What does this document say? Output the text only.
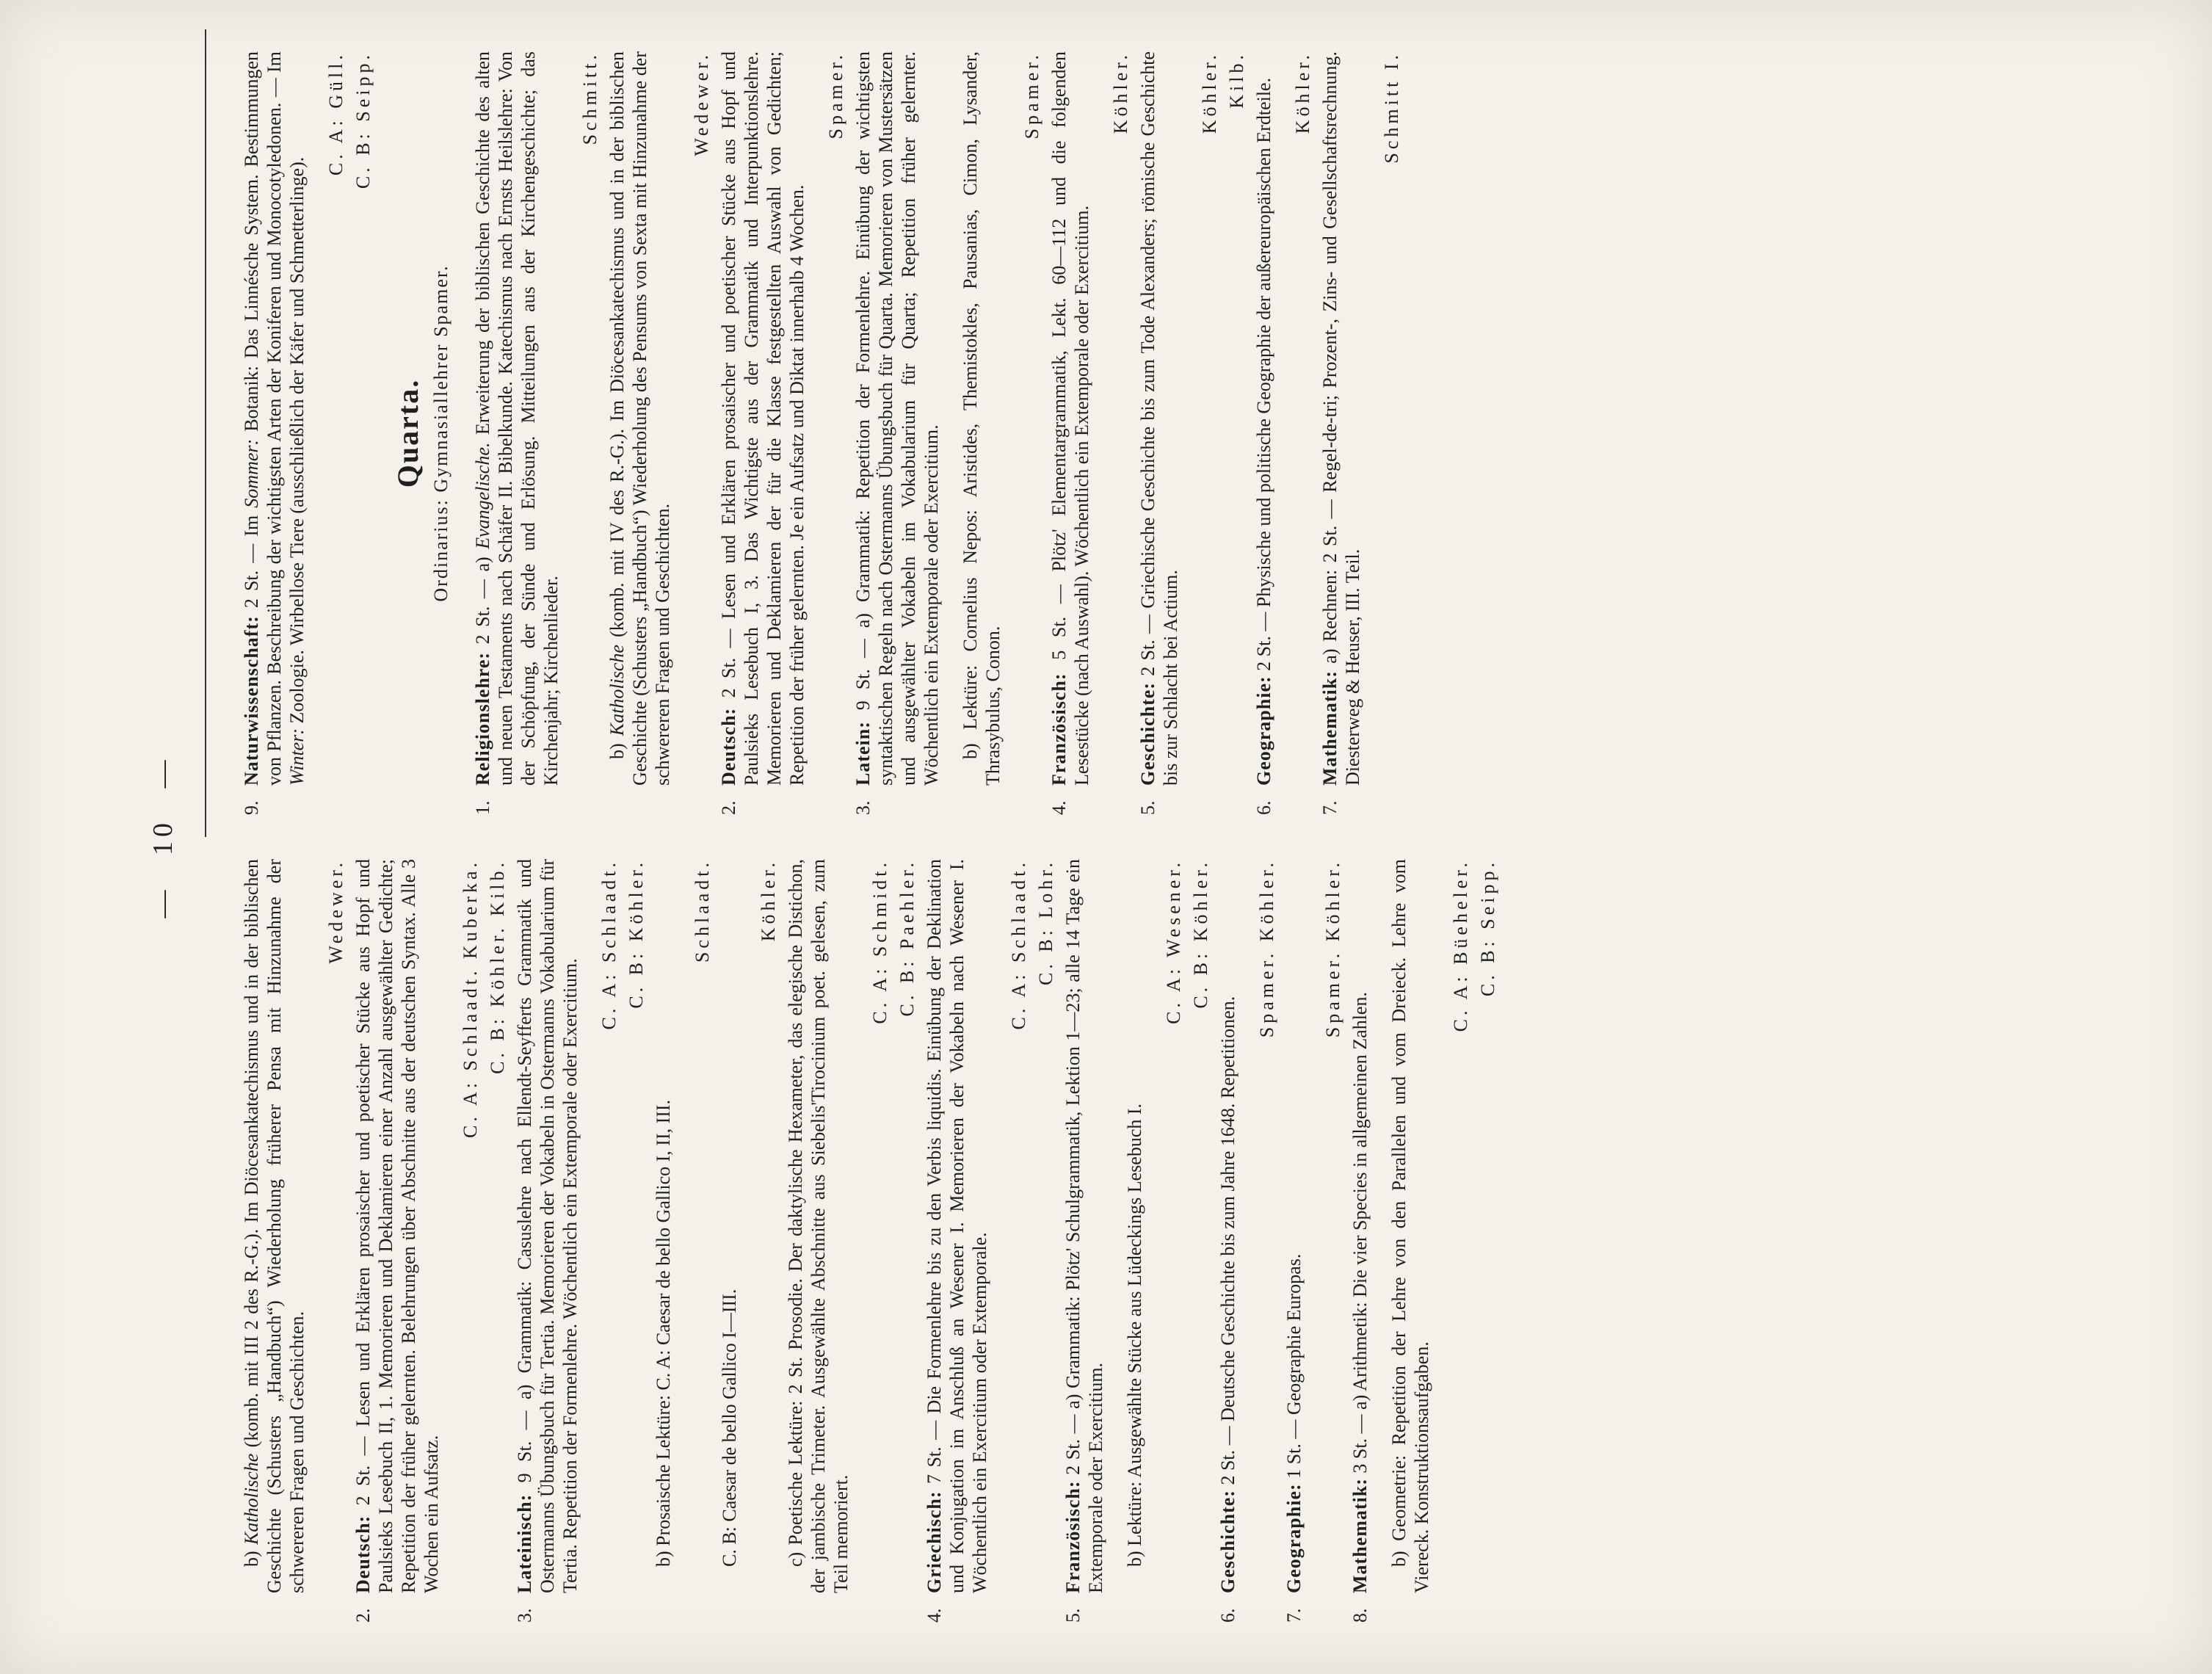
— 10 —
b) Katholische (komb. mit III 2 des R.-G.). Im Diöcesankatechismus und in der biblischen Geschichte (Schusters „Handbuch“) Wiederholung früherer Pensa mit Hinzunahme der schwereren Fragen und Geschichten.
Wedewer.
2.Deutsch: 2 St. — Lesen und Erklären prosaischer und poetischer Stücke aus Hopf und Paulsieks Lesebuch II, 1. Memorieren und Deklamieren einer Anzahl ausgewählter Gedichte; Repetition der früher gelernten. Belehrungen über Abschnitte aus der deutschen Syntax. Alle 3 Wochen ein Aufsatz.
C. A: Schlaadt. Kuberka. C. B: Köhler. Kilb.
3.Lateinisch: 9 St. — a) Grammatik: Casuslehre nach Ellendt-Seyfferts Grammatik und Ostermanns Übungsbuch für Tertia. Memorieren der Vokabeln in Ostermanns Vokabularium für Tertia. Repetition der Formenlehre. Wöchentlich ein Extemporale oder Exercitium.
C. A: Schlaadt. C. B: Köhler.
b) Prosaische Lektüre: C. A: Caesar de bello Gallico I, II, III.
Schlaadt.
C. B: Caesar de bello Gallico I—III.
Köhler. c) Poetische Lektüre: 2 St. Prosodie. Der daktylische Hexameter, das elegische Distichon, der jambische Trimeter. Ausgewählte Abschnitte aus Siebelis'Tirocinium poet. gelesen, zum Teil memoriert.
C. A: Schmidt. C. B: Paehler.
4.Griechisch: 7 St. — Die Formenlehre bis zu den Verbis liquidis. Einübung der Deklination und Konjugation im Anschluß an Wesener I. Memorieren der Vokabeln nach Wesener I. Wöchentlich ein Exercitium oder Extemporale.
C. A: Schlaadt. C. B: Lohr.
5.Französisch: 2 St. — a) Grammatik: Plötz' Schulgrammatik, Lektion 1—23; alle 14 Tage ein Extemporale oder Exercitium. b) Lektüre: Ausgewählte Stücke aus Lüdeckings Lesebuch I.
C. A: Wesener. C. B: Köhler.
6.Geschichte: 2 St. — Deutsche Geschichte bis zum Jahre 1648. Repetitionen.
Spamer. Köhler.
7.Geographie: 1 St. — Geographie Europas.
Spamer. Köhler.
8.Mathematik: 3 St. — a) Arithmetik: Die vier Species in allgemeinen Zahlen. b) Geometrie: Repetition der Lehre von den Parallelen und vom Dreieck. Lehre vom Viereck. Konstruktionsaufgaben.
C. A: Büeheler. C. B: Seipp.
9.Naturwissenschaft: 2 St. — Im Sommer: Botanik: Das Linnésche System. Bestimmungen von Pflanzen. Beschreibung der wichtigsten Arten der Koniferen und Monocotyledonen. — Im Winter: Zoologie. Wirbellose Tiere (ausschließlich der Käfer und Schmetterlinge).
C. A: Güll. C. B: Seipp.
Quarta. Ordinarius: Gymnasiallehrer Spamer.
1.Religionslehre: 2 St. — a) Evangelische. Erweiterung der biblischen Geschichte des alten und neuen Testaments nach Schäfer II. Bibelkunde. Katechismus nach Ernsts Heilslehre: Von der Schöpfung, der Sünde und Erlösung. Mitteilungen aus der Kirchengeschichte; das Kirchenjahr; Kirchenlieder.
Schmitt.
b) Katholische (komb. mit IV des R.-G.). Im Diöcesankatechismus und in der biblischen Geschichte (Schusters „Handbuch“) Wiederholung des Pensums von Sexta mit Hinzunahme der schwereren Fragen und Geschichten.
Wedewer.
2.Deutsch: 2 St. — Lesen und Erklären prosaischer und poetischer Stücke aus Hopf und Paulsieks Lesebuch I, 3. Das Wichtigste aus der Grammatik und Interpunktionslehre. Memorieren und Deklamieren der für die Klasse festgestellten Auswahl von Gedichten; Repetition der früher gelernten. Je ein Aufsatz und Diktat innerhalb 4 Wochen.
Spamer.
3.Latein: 9 St. — a) Grammatik: Repetition der Formenlehre. Einübung der wichtigsten syntaktischen Regeln nach Ostermanns Übungsbuch für Quarta. Memorieren von Mustersätzen und ausgewählter Vokabeln im Vokabularium für Quarta; Repetition früher gelernter. Wöchentlich ein Extemporale oder Exercitium. b) Lektüre: Cornelius Nepos: Aristides, Themistokles, Pausanias, Cimon, Lysander, Thrasybulus, Conon.
Spamer.
4.Französisch: 5 St. — Plötz' Elementargrammatik, Lekt. 60—112 und die folgenden Lesestücke (nach Auswahl). Wöchentlich ein Extemporale oder Exercitium.
Köhler.
5.Geschichte: 2 St. — Griechische Geschichte bis zum Tode Alexanders; römische Geschichte bis zur Schlacht bei Actium.
Köhler. Kilb.
6.Geographie: 2 St. — Physische und politische Geographie der außereuropäischen Erdteile. Köhler.
7.Mathematik: a) Rechnen: 2 St. — Regel-de-tri; Prozent-, Zins- und Gesellschaftsrechnung. Diesterweg & Heuser, III. Teil.
Schmitt I.
